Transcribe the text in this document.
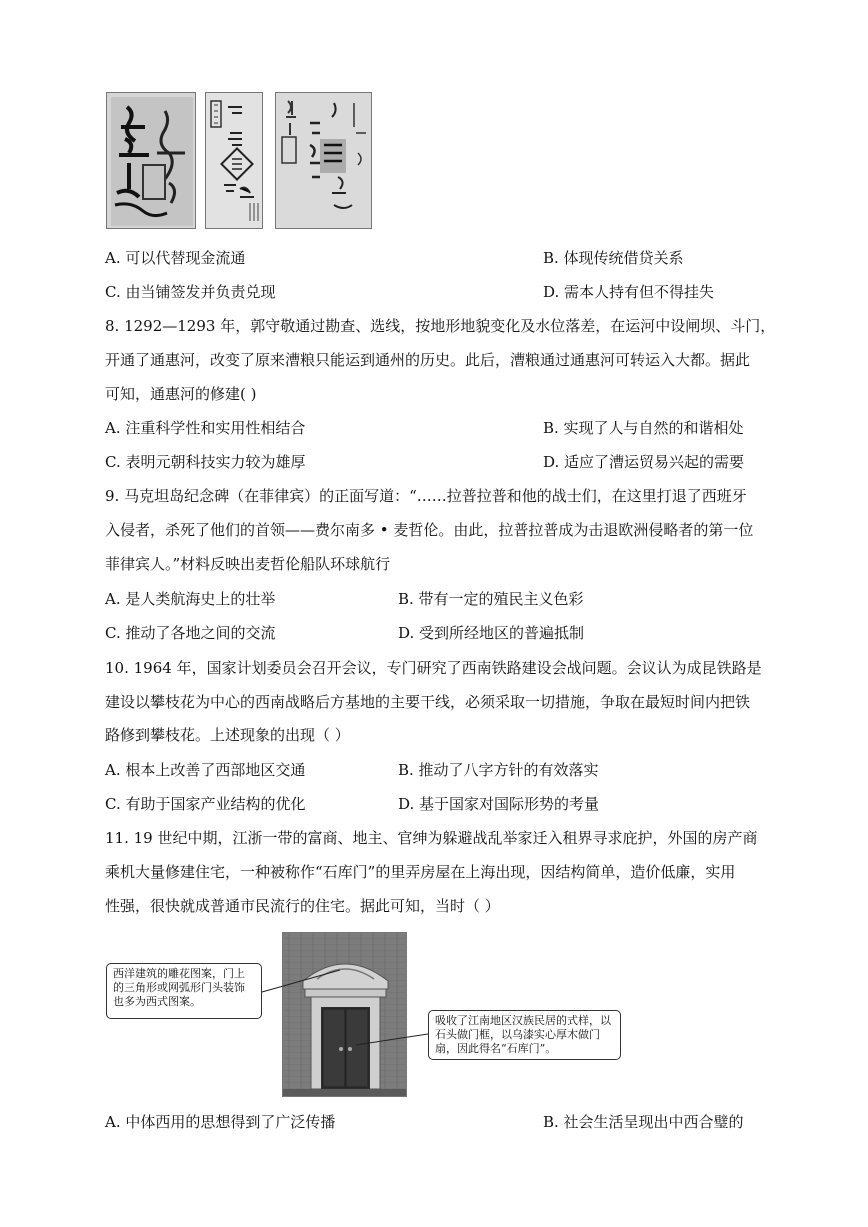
A. 可以代替现金流通	B. 体现传统借贷关系
C. 由当铺签发并负责兑现	D. 需本人持有但不得挂失
8. 1292—1293 年，郭守敬通过勘查、选线，按地形地貌变化及水位落差，在运河中设闸坝、斗门，
开通了通惠河，改变了原来漕粮只能运到通州的历史。此后，漕粮通过通惠河可转运入大都。据此
可知，通惠河的修建( )
A. 注重科学性和实用性相结合	B. 实现了人与自然的和谐相处
C. 表明元朝科技实力较为雄厚	D. 适应了漕运贸易兴起的需要
9. 马克坦岛纪念碑（在菲律宾）的正面写道：“……拉普拉普和他的战士们，在这里打退了西班牙
入侵者，杀死了他们的首领——费尔南多 • 麦哲伦。由此，拉普拉普成为击退欧洲侵略者的第一位
菲律宾人。”材料反映出麦哲伦船队环球航行
A. 是人类航海史上的壮举	B. 带有一定的殖民主义色彩
C. 推动了各地之间的交流	D. 受到所经地区的普遍抵制
10. 1964 年，国家计划委员会召开会议，专门研究了西南铁路建设会战问题。会议认为成昆铁路是
建设以攀枝花为中心的西南战略后方基地的主要干线，必须采取一切措施，争取在最短时间内把铁
路修到攀枝花。上述现象的出现（ ）
A. 根本上改善了西部地区交通	B. 推动了八字方针的有效落实
C. 有助于国家产业结构的优化	D. 基于国家对国际形势的考量
11. 19 世纪中期，江浙一带的富商、地主、官绅为躲避战乱举家迁入租界寻求庇护，外国的房产商
乘机大量修建住宅，一种被称作“石库门”的里弄房屋在上海出现，因结构简单，造价低廉，实用
性强，很快就成普通市民流行的住宅。据此可知，当时（ ）
西洋建筑的雕花图案，门上的三角形或网弧形门头装饰也多为西式图案。
吸收了江南地区汉族民居的式样，以石头做门框，以乌漆实心厚木做门扇，因此得名“石库门”。
A. 中体西用的思想得到了广泛传播	B. 社会生活呈现出中西合璧的
